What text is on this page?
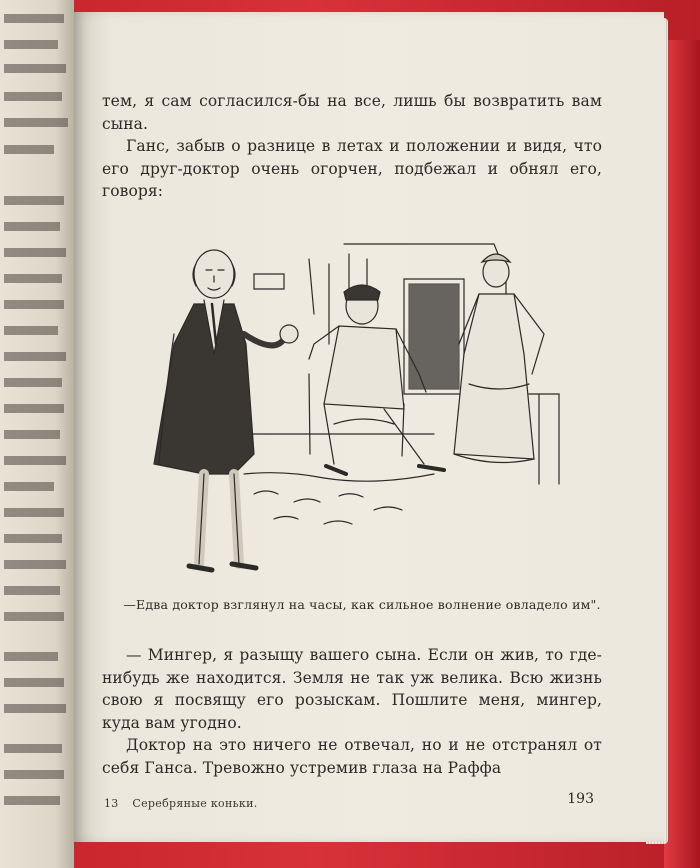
тем, я сам согласился-бы на все, лишь бы возвратить вам сына.

Ганс, забыв о разнице в летах и положении и видя, что его друг-доктор очень огорчен, подбежал и обнял его, говоря:

—Едва доктор взглянул на часы, как сильное волнение овладело им".

— Мингер, я разыщу вашего сына. Если он жив, то где-нибудь же находится. Земля не так уж велика. Всю жизнь свою я посвящу его розыскам. Пошлите меня, мингер, куда вам угодно.

Доктор на это ничего не отвечал, но и не отстранял от себя Ганса. Тревожно устремив глаза на Раффа

13 Серебряные коньки.	193
